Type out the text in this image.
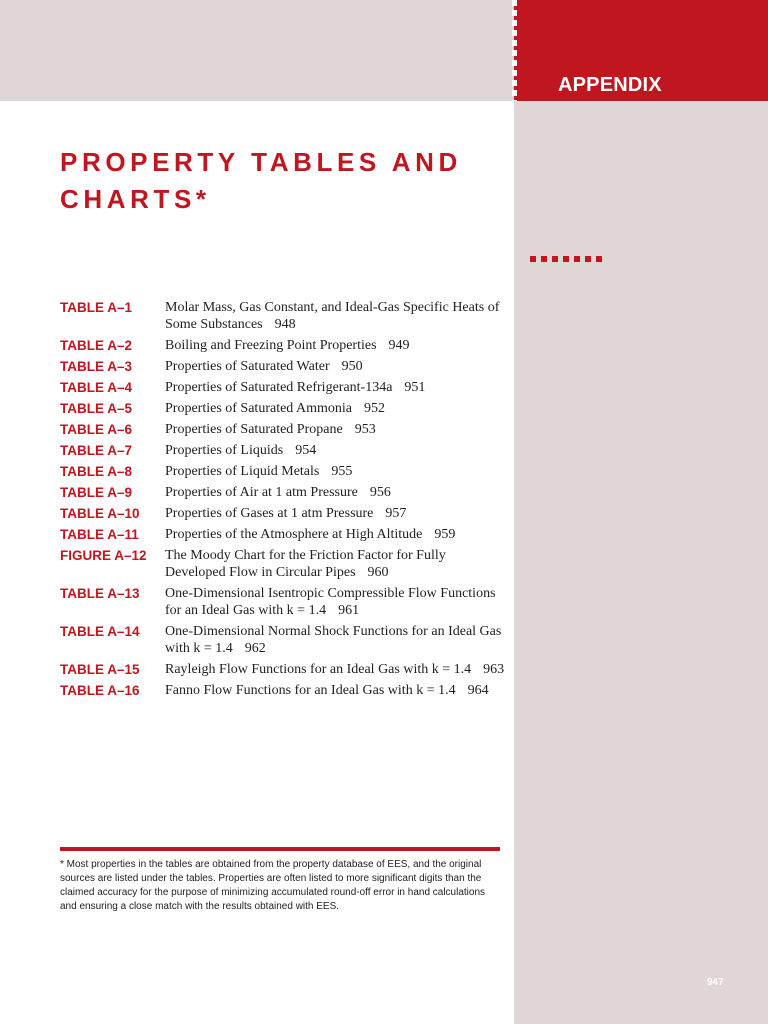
APPENDIX
PROPERTY TABLES AND CHARTS*
TABLE A–1	Molar Mass, Gas Constant, and Ideal-Gas Specific Heats of Some Substances 948
TABLE A–2	Boiling and Freezing Point Properties 949
TABLE A–3	Properties of Saturated Water 950
TABLE A–4	Properties of Saturated Refrigerant-134a 951
TABLE A–5	Properties of Saturated Ammonia 952
TABLE A–6	Properties of Saturated Propane 953
TABLE A–7	Properties of Liquids 954
TABLE A–8	Properties of Liquid Metals 955
TABLE A–9	Properties of Air at 1 atm Pressure 956
TABLE A–10	Properties of Gases at 1 atm Pressure 957
TABLE A–11	Properties of the Atmosphere at High Altitude 959
FIGURE A–12	The Moody Chart for the Friction Factor for Fully Developed Flow in Circular Pipes 960
TABLE A–13	One-Dimensional Isentropic Compressible Flow Functions for an Ideal Gas with k = 1.4 961
TABLE A–14	One-Dimensional Normal Shock Functions for an Ideal Gas with k = 1.4 962
TABLE A–15	Rayleigh Flow Functions for an Ideal Gas with k = 1.4 963
TABLE A–16	Fanno Flow Functions for an Ideal Gas with k = 1.4 964

* Most properties in the tables are obtained from the property database of EES, and the original sources are listed under the tables. Properties are often listed to more significant digits than the claimed accuracy for the purpose of minimizing accumulated round-off error in hand calculations and ensuring a close match with the results obtained with EES.

947
